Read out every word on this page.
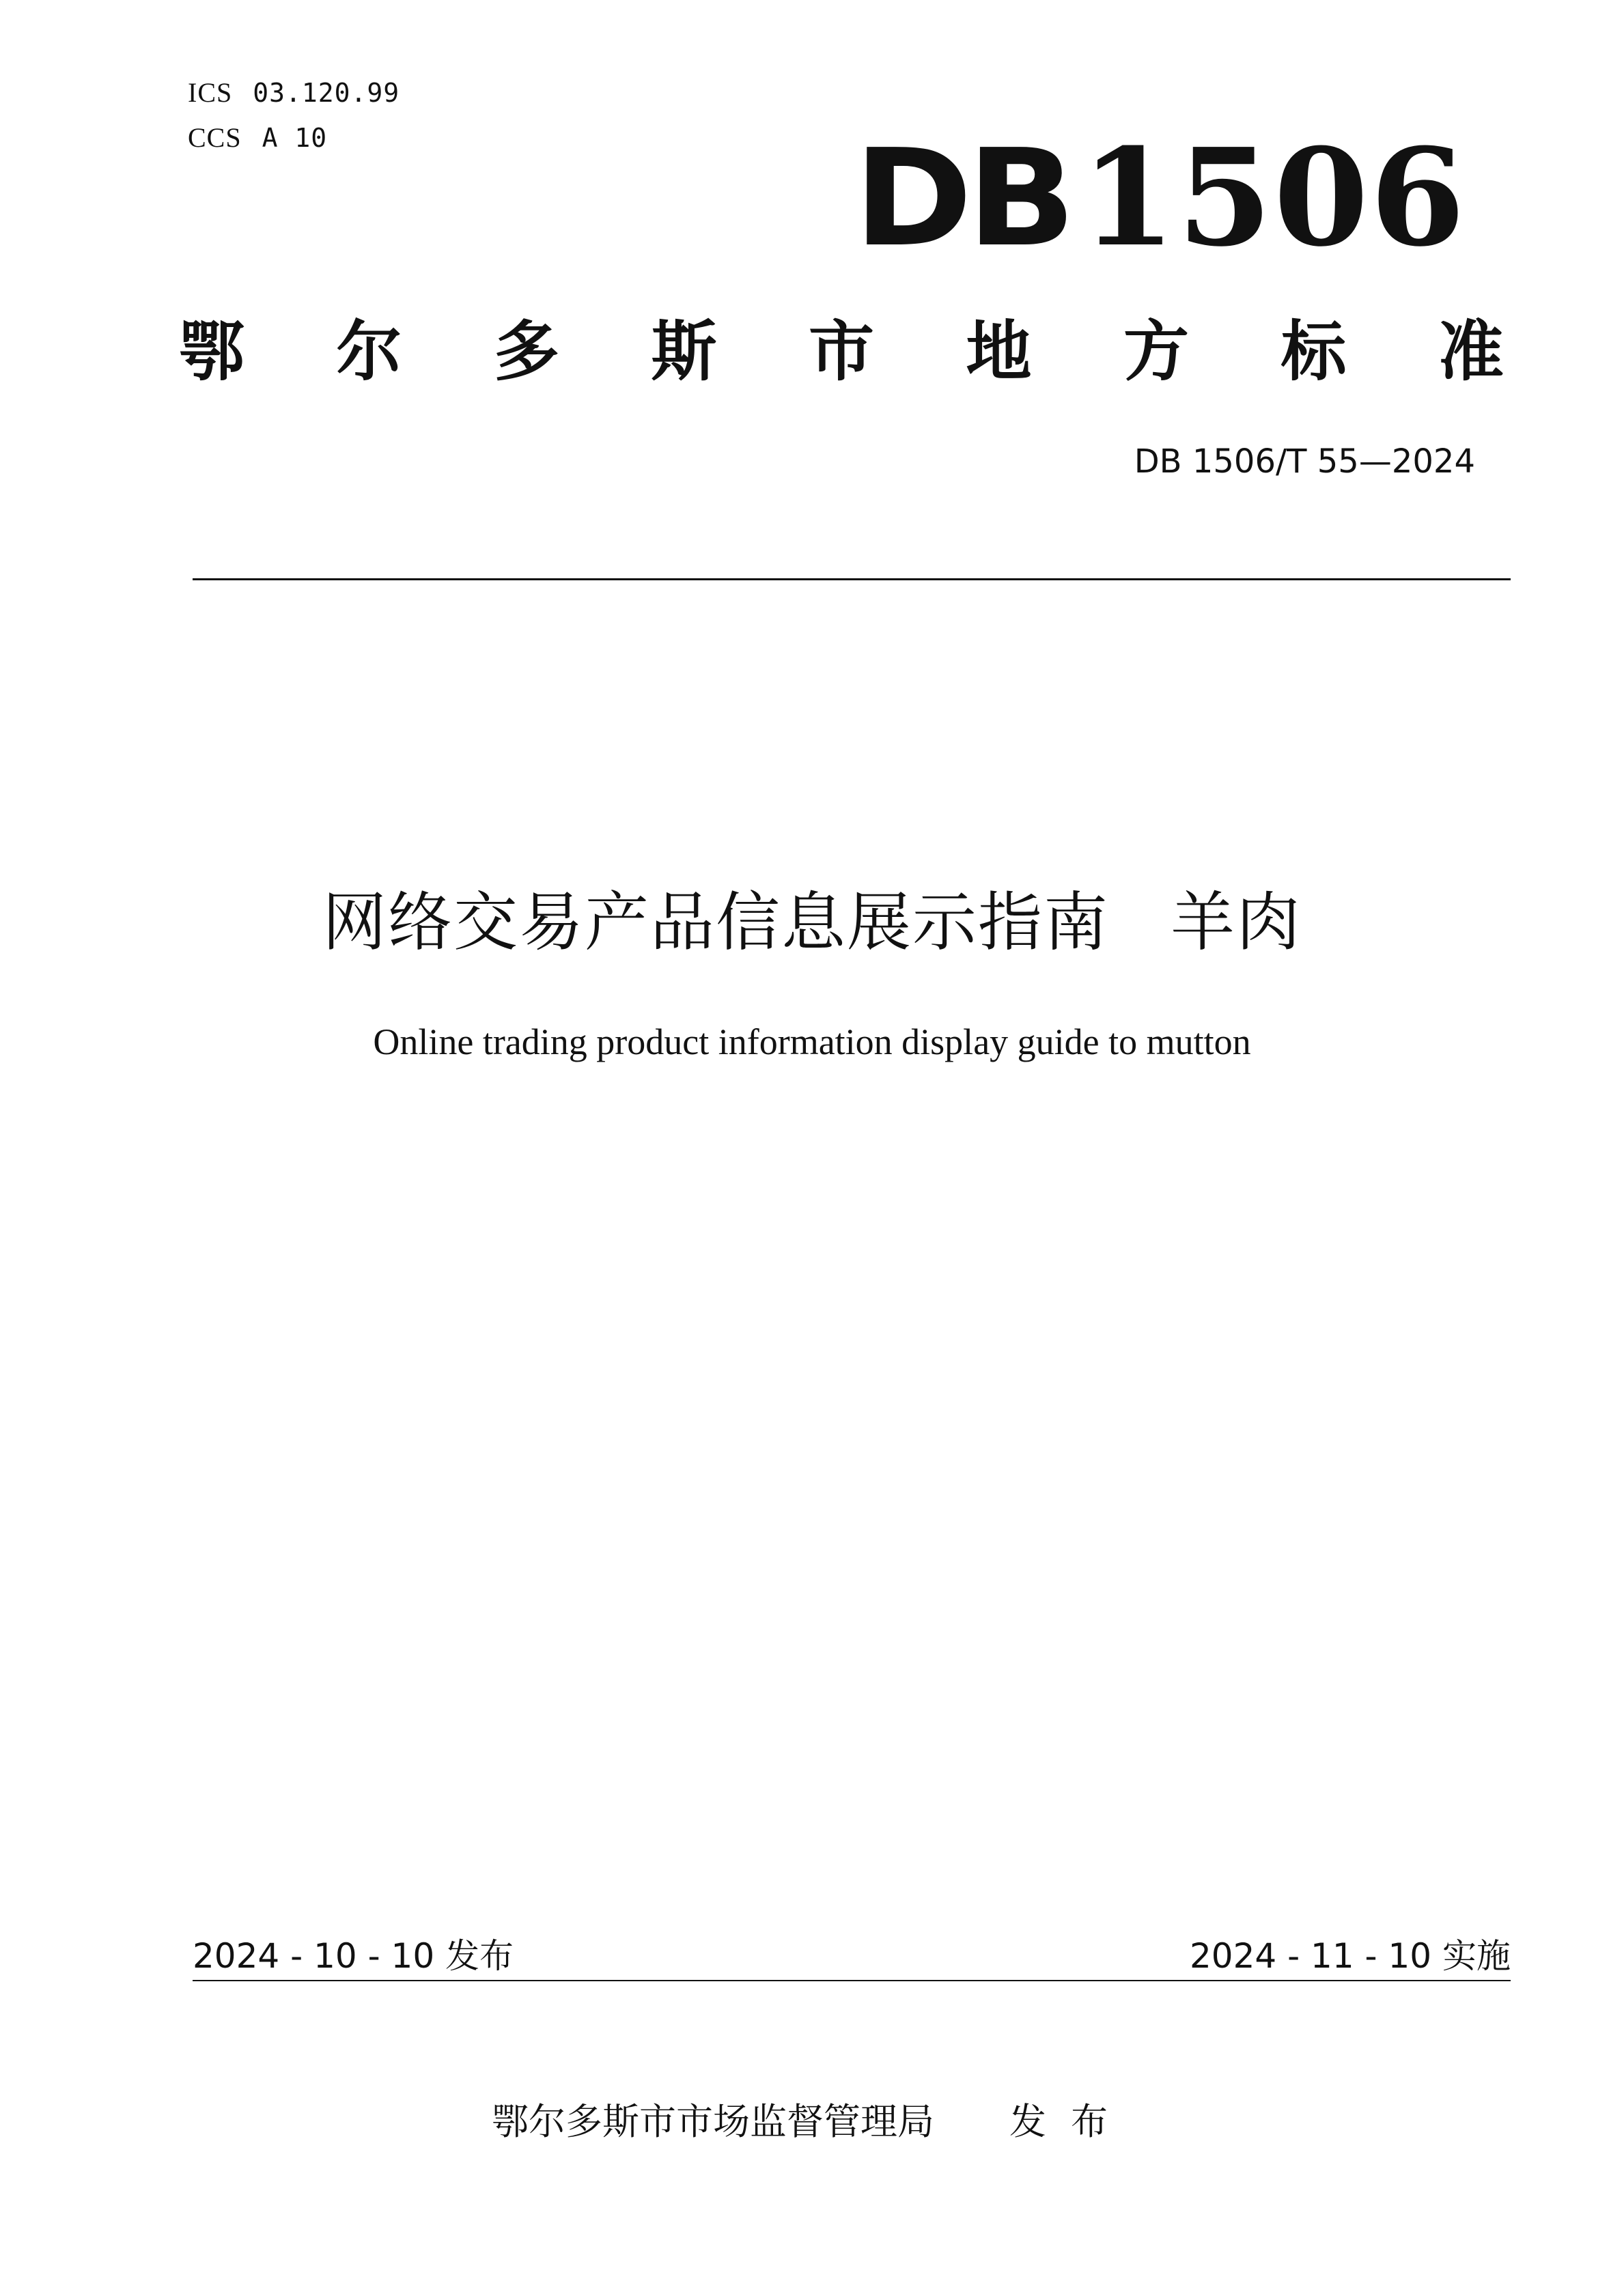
ICS 03.120.99
CCS A 10	DB1506
鄂 尔 多 斯 市 地 方 标 准
DB 1506/T 55—2024
网络交易产品信息展示指南 羊肉
Online trading product information display guide to mutton
2024 - 10 - 10 发布	2024 - 11 - 10 实施
鄂尔多斯市市场监督管理局 发布
